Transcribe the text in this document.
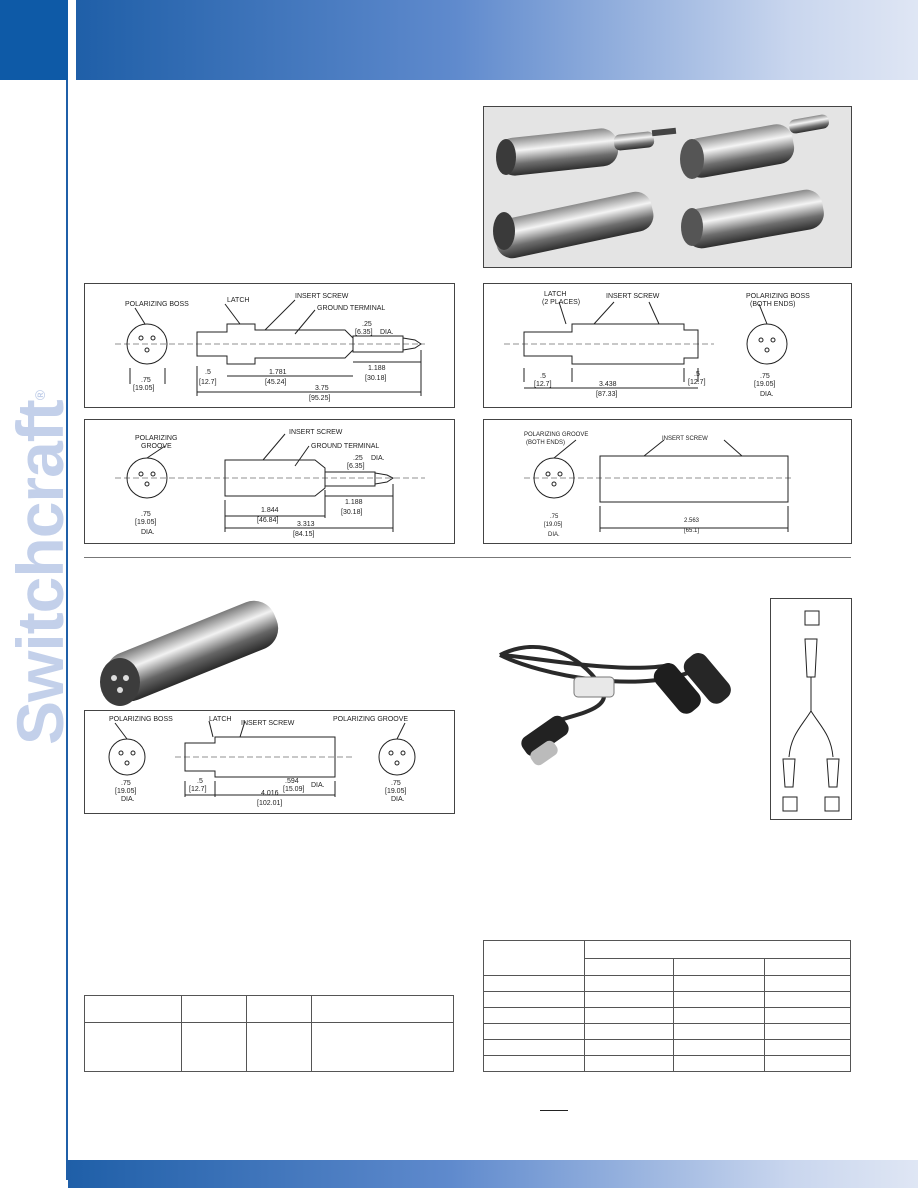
Switchcraft®
POLARIZING BOSS
LATCH
INSERT SCREW
GROUND TERMINAL
.25
[6.35] DIA.
.75
[19.05]
.5
[12.7]
1.781
[45.24]
1.188
[30.18]
3.75
[95.25]
LATCH
(2 PLACES)
INSERT SCREW	POLARIZING BOSS
(BOTH ENDS)
.5
[12.7]	3.438
[87.33]
.5
[12.7]
.75
[19.05]
DIA.
POLARIZING
GROOVE
INSERT SCREW
GROUND TERMINAL
.25
[6.35]
DIA.
.75
[19.05]
DIA.
1.844
[46.84]
1.188
[30.18]
3.313
[84.15]
POLARIZING GROOVE
(BOTH ENDS)
INSERT SCREW
.75
[19.05]
DIA.
2.563
[65.1]
POLARIZING BOSS	LATCH
INSERT SCREW
POLARIZING GROOVE
.75
[19.05]
DIA.
.5
[12.7]
.594
[15.09]
DIA.
4.016
[102.01]
.75
[19.05]
DIA.
